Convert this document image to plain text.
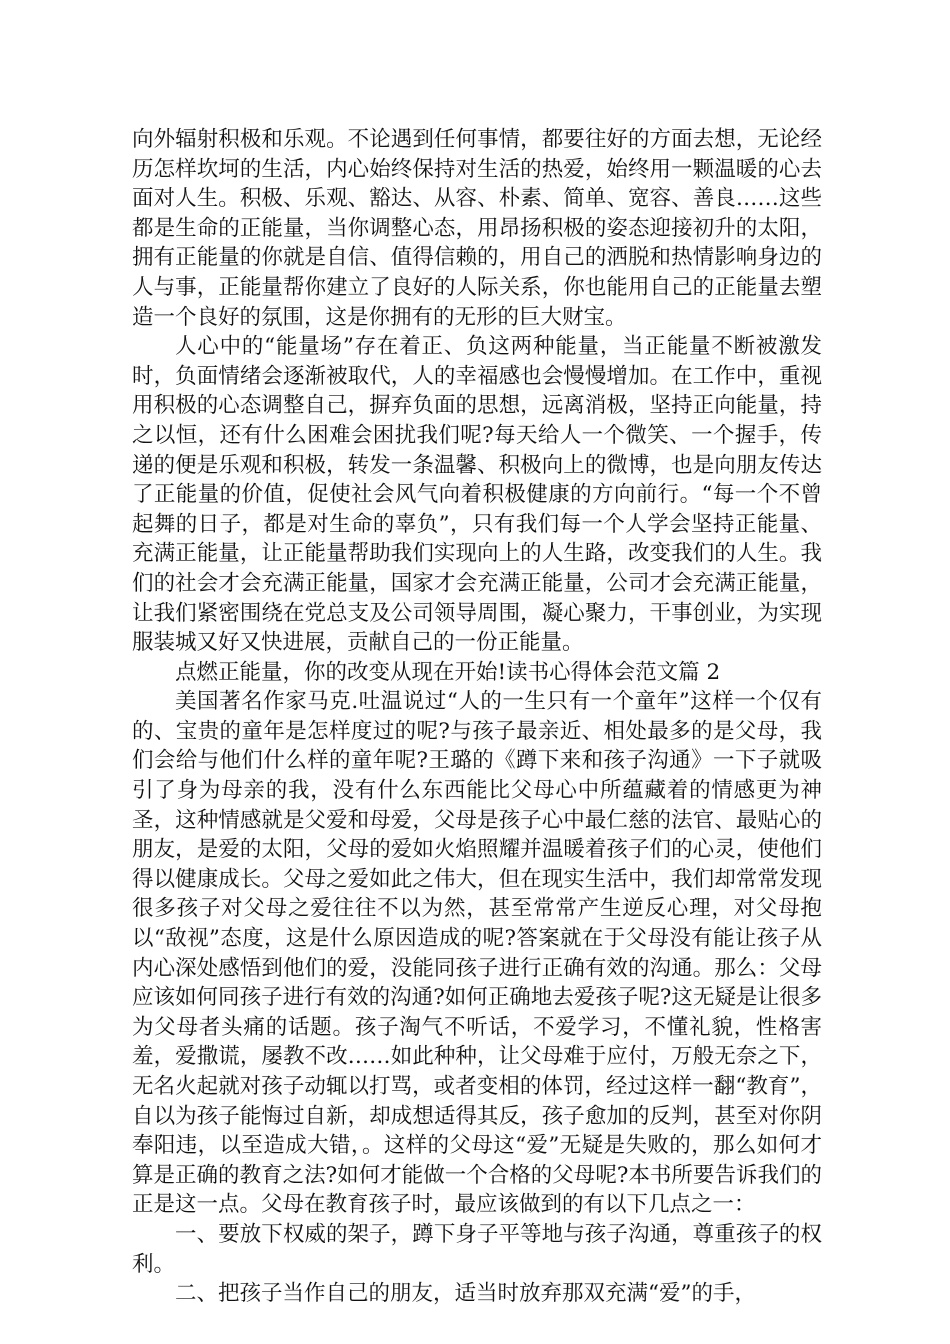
向外辐射积极和乐观。不论遇到任何事情，都要往好的方面去想，无论经历怎样坎坷的生活，内心始终保持对生活的热爱，始终用一颗温暖的心去面对人生。积极、乐观、豁达、从容、朴素、简单、宽容、善良……这些都是生命的正能量，当你调整心态，用昂扬积极的姿态迎接初升的太阳，拥有正能量的你就是自信、值得信赖的，用自己的洒脱和热情影响身边的人与事，正能量帮你建立了良好的人际关系，你也能用自己的正能量去塑造一个良好的氛围，这是你拥有的无形的巨大财宝。

人心中的“能量场”存在着正、负这两种能量，当正能量不断被激发时，负面情绪会逐渐被取代，人的幸福感也会慢慢增加。在工作中，重视用积极的心态调整自己，摒弃负面的思想，远离消极，坚持正向能量，持之以恒，还有什么困难会困扰我们呢?每天给人一个微笑、一个握手，传递的便是乐观和积极，转发一条温馨、积极向上的微博，也是向朋友传达了正能量的价值，促使社会风气向着积极健康的方向前行。“每一个不曾起舞的日子，都是对生命的辜负”，只有我们每一个人学会坚持正能量、充满正能量，让正能量帮助我们实现向上的人生路，改变我们的人生。我们的社会才会充满正能量，国家才会充满正能量，公司才会充满正能量，让我们紧密围绕在党总支及公司领导周围，凝心聚力，干事创业，为实现服装城又好又快进展，贡献自己的一份正能量。

点燃正能量，你的改变从现在开始!读书心得体会范文篇 2

美国著名作家马克.吐温说过“人的一生只有一个童年”这样一个仅有的、宝贵的童年是怎样度过的呢?与孩子最亲近、相处最多的是父母，我们会给与他们什么样的童年呢?王璐的《蹲下来和孩子沟通》一下子就吸引了身为母亲的我，没有什么东西能比父母心中所蕴藏着的情感更为神圣，这种情感就是父爱和母爱，父母是孩子心中最仁慈的法官、最贴心的朋友，是爱的太阳，父母的爱如火焰照耀并温暖着孩子们的心灵，使他们得以健康成长。父母之爱如此之伟大，但在现实生活中，我们却常常发现很多孩子对父母之爱往往不以为然，甚至常常产生逆反心理，对父母抱以“敌视”态度，这是什么原因造成的呢?答案就在于父母没有能让孩子从内心深处感悟到他们的爱，没能同孩子进行正确有效的沟通。那么：父母应该如何同孩子进行有效的沟通?如何正确地去爱孩子呢?这无疑是让很多为父母者头痛的话题。孩子淘气不听话，不爱学习，不懂礼貌，性格害羞，爱撒谎，屡教不改……如此种种，让父母难于应付，万般无奈之下，无名火起就对孩子动辄以打骂，或者变相的体罚，经过这样一翻“教育”，自以为孩子能悔过自新，却成想适得其反，孩子愈加的反判，甚至对你阴奉阳违，以至造成大错，。这样的父母这“爱”无疑是失败的，那么如何才算是正确的教育之法?如何才能做一个合格的父母呢?本书所要告诉我们的正是这一点。父母在教育孩子时，最应该做到的有以下几点之一：

一、要放下权威的架子，蹲下身子平等地与孩子沟通，尊重孩子的权利。

二、把孩子当作自己的朋友，适当时放弃那双充满“爱”的手，
